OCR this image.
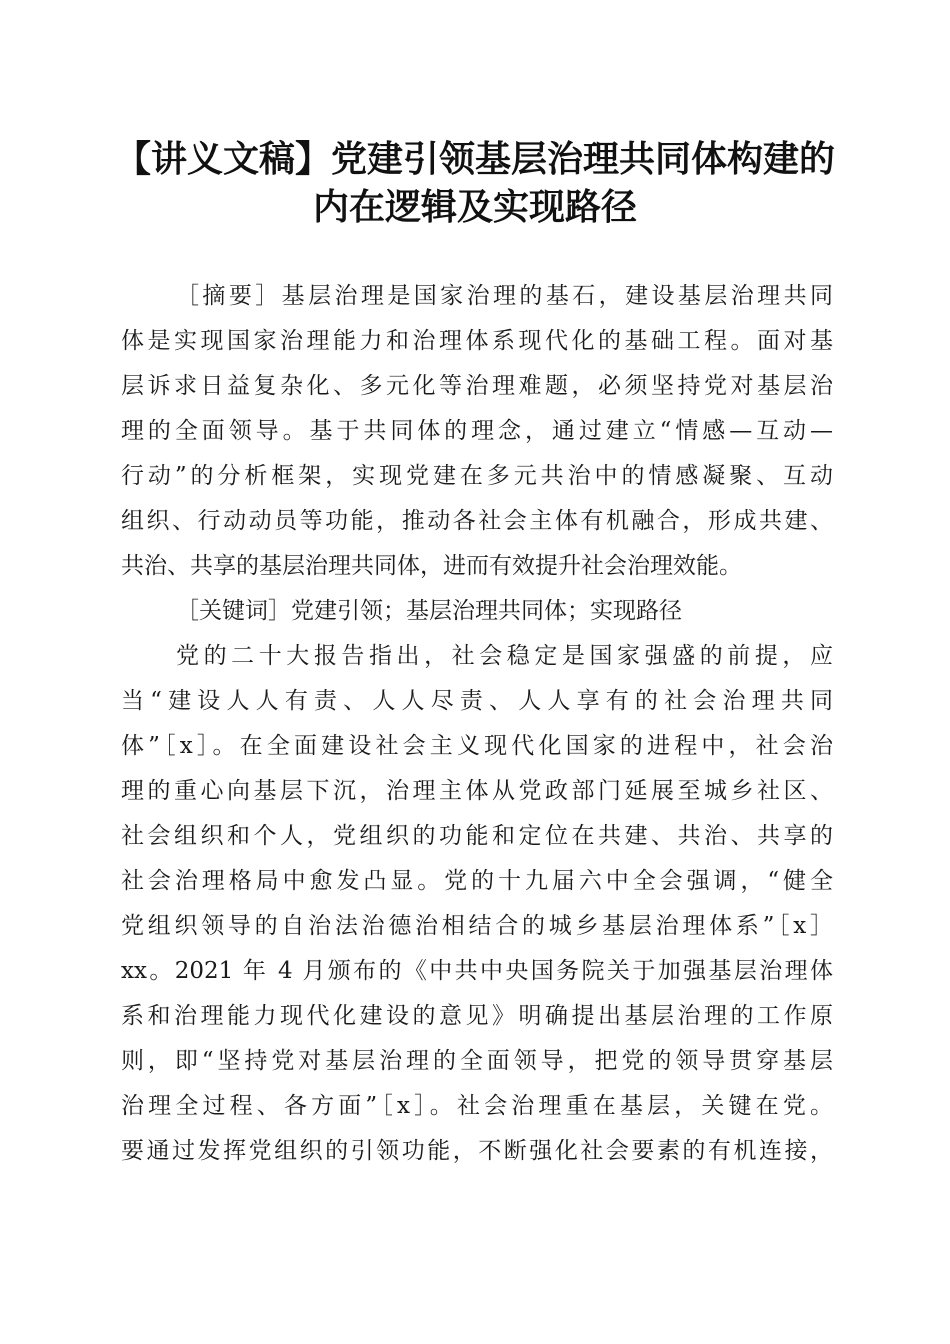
【讲义文稿】党建引领基层治理共同体构建的
内在逻辑及实现路径

［摘要］基层治理是国家治理的基石，建设基层治理共同

体是实现国家治理能力和治理体系现代化的基础工程。面对基

层诉求日益复杂化、多元化等治理难题，必须坚持党对基层治

理的全面领导。基于共同体的理念，通过建立“情感—互动—

行动”的分析框架，实现党建在多元共治中的情感凝聚、互动

组织、行动动员等功能，推动各社会主体有机融合，形成共建、

共治、共享的基层治理共同体，进而有效提升社会治理效能。

［关键词］党建引领；基层治理共同体；实现路径

党的二十大报告指出，社会稳定是国家强盛的前提，应

当“建设人人有责、人人尽责、人人享有的社会治理共同

体”［x］。在全面建设社会主义现代化国家的进程中，社会治

理的重心向基层下沉，治理主体从党政部门延展至城乡社区、

社会组织和个人，党组织的功能和定位在共建、共治、共享的

社会治理格局中愈发凸显。党的十九届六中全会强调，“健全

党组织领导的自治法治德治相结合的城乡基层治理体系”［x］

xx。2021 年 4 月颁布的《中共中央国务院关于加强基层治理体

系和治理能力现代化建设的意见》明确提出基层治理的工作原

则，即“坚持党对基层治理的全面领导，把党的领导贯穿基层

治理全过程、各方面”［x］。社会治理重在基层，关键在党。

要通过发挥党组织的引领功能，不断强化社会要素的有机连接，
